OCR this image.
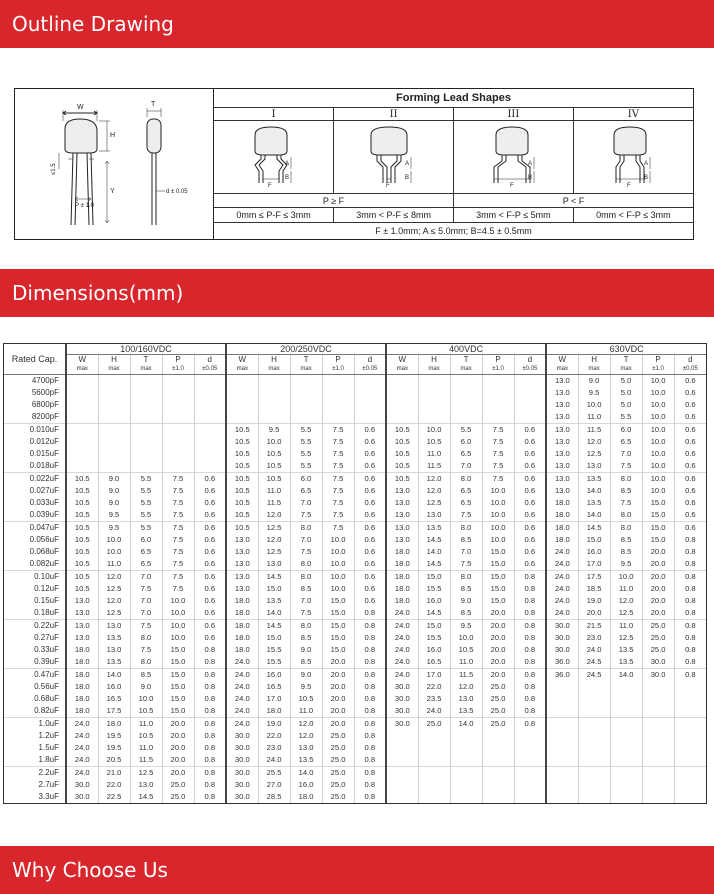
Outline Drawing
Dimensions(mm)
Why Choose Us
W
H
Y
T
≤1.5
P ± 1.0
d ± 0.05
Forming Lead Shapes			
I	II	III	IV

A
B
F	A
B
F	A
B
F	A
B
F

P ≥ F		P < F	
0mm ≤ P-F ≤ 3mm	3mm < P-F ≤ 8mm	3mm < F-P ≤ 5mm	0mm < F-P ≤ 3mm
F ± 1.0mm; A ≤ 5.0mm; B=4.5 ± 0.5mm			
Rated Cap.	100/160VDC					200/250VDC					400VDC					630VDC				
	W	H	T	P	d	W	H	T	P	d	W	H	T	P	d	W	H	T	P	d
	max	max	max	±1.0	±0.05	max	max	max	±1.0	±0.05	max	max	max	±1.0	±0.05	max	max	max	±1.0	±0.05
4700pF																13.0	9.0	5.0	10.0	0.6
5600pF																13.0	9.5	5.0	10.0	0.6
6800pF																13.0	10.0	5.0	10.0	0.6
8200pF																13.0	11.0	5.5	10.0	0.6
0.010uF						10.5	9.5	5.5	7.5	0.6	10.5	10.0	5.5	7.5	0.6	13.0	11.5	6.0	10.0	0.6
0.012uF						10.5	10.0	5.5	7.5	0.6	10.5	10.5	6.0	7.5	0.6	13.0	12.0	6.5	10.0	0.6
0.015uF						10.5	10.5	5.5	7.5	0.6	10.5	11.0	6.5	7.5	0.6	13.0	12.5	7.0	10.0	0.6
0.018uF						10.5	10.5	5.5	7.5	0.6	10.5	11.5	7.0	7.5	0.6	13.0	13.0	7.5	10.0	0.6
0.022uF	10.5	9.0	5.5	7.5	0.6	10.5	10.5	6.0	7.5	0.6	10.5	12.0	8.0	7.5	0.6	13.0	13.5	8.0	10.0	0.6
0.027uF	10.5	9.0	5.5	7.5	0.6	10.5	11.0	6.5	7.5	0.6	13.0	12.0	6.5	10.0	0.6	13.0	14.0	8.5	10.0	0.6
0.033uF	10.5	9.0	5.5	7.5	0.6	10.5	11.5	7.0	7.5	0.6	13.0	12.5	6.5	10.0	0.6	18.0	13.5	7.5	15.0	0.6
0.039uF	10.5	9.5	5.5	7.5	0.6	10.5	12.0	7.5	7.5	0.6	13.0	13.0	7.5	10.0	0.6	18.0	14.0	8.0	15.0	0.6
0.047uF	10.5	9.5	5.5	7.5	0.6	10.5	12.5	8.0	7.5	0.6	13.0	13.5	8.0	10.0	0.6	18.0	14.5	8.0	15.0	0.6
0.056uF	10.5	10.0	6.0	7.5	0.6	13.0	12.0	7.0	10.0	0.6	13.0	14.5	8.5	10.0	0.6	18.0	15.0	8.5	15.0	0.8
0.068uF	10.5	10.0	6.5	7.5	0.6	13.0	12.5	7.5	10.0	0.6	18.0	14.0	7.0	15.0	0.6	24.0	16.0	8.5	20.0	0.8
0.082uF	10.5	11.0	6.5	7.5	0.6	13.0	13.0	8.0	10.0	0.6	18.0	14.5	7.5	15.0	0.6	24.0	17.0	9.5	20.0	0.8
0.10uF	10.5	12.0	7.0	7.5	0.6	13.0	14.5	8.0	10.0	0.6	18.0	15.0	8.0	15.0	0.8	24.0	17.5	10.0	20.0	0.8
0.12uF	10.5	12.5	7.5	7.5	0.6	13.0	15.0	8.5	10.0	0.6	18.0	15.5	8.5	15.0	0.8	24.0	18.5	11.0	20.0	0.8
0.15uF	13.0	12.0	7.0	10.0	0.6	18.0	13.5	7.0	15.0	0.6	18.0	16.0	9.0	15.0	0.8	24.0	19.0	12.0	20.0	0.8
0.18uF	13.0	12.5	7.0	10.0	0.6	18.0	14.0	7.5	15.0	0.8	24.0	14.5	8.5	20.0	0.8	24.0	20.0	12.5	20.0	0.8
0.22uF	13.0	13.0	7.5	10.0	0.6	18.0	14.5	8.0	15.0	0.8	24.0	15.0	9.5	20.0	0.8	30.0	21.5	11.0	25.0	0.8
0.27uF	13.0	13.5	8.0	10.0	0.6	18.0	15.0	8.5	15.0	0.8	24.0	15.5	10.0	20.0	0.8	30.0	23.0	12.5	25.0	0.8
0.33uF	18.0	13.0	7.5	15.0	0.8	18.0	15.5	9.0	15.0	0.8	24.0	16.0	10.5	20.0	0.8	30.0	24.0	13.5	25.0	0.8
0.39uF	18.0	13.5	8.0	15.0	0.8	24.0	15.5	8.5	20.0	0.8	24.0	16.5	11.0	20.0	0.8	36.0	24.5	13.5	30.0	0.8
0.47uF	18.0	14.0	8.5	15.0	0.8	24.0	16.0	9.0	20.0	0.8	24.0	17.0	11.5	20.0	0.8	36.0	24.5	14.0	30.0	0.8
0.56uF	18.0	16.0	9.0	15.0	0.8	24.0	16.5	9.5	20.0	0.8	30.0	22.0	12.0	25.0	0.8					
0.68uF	18.0	16.5	10.0	15.0	0.8	24.0	17.0	10.5	20.0	0.8	30.0	23.5	13.0	25.0	0.8					
0.82uF	18.0	17.5	10.5	15.0	0.8	24.0	18.0	11.0	20.0	0.8	30.0	24.0	13.5	25.0	0.8					
1.0uF	24.0	18.0	11.0	20.0	0.8	24.0	19.0	12.0	20.0	0.8	30.0	25.0	14.0	25.0	0.8					
1.2uF	24.0	19.5	10.5	20.0	0.8	30.0	22.0	12.0	25.0	0.8										
1.5uF	24.0	19.5	11.0	20.0	0.8	30.0	23.0	13.0	25.0	0.8										
1.8uF	24.0	20.5	11.5	20.0	0.8	30.0	24.0	13.5	25.0	0.8										
2.2uF	24.0	21.0	12.5	20.0	0.8	30.0	25.5	14.0	25.0	0.8										
2.7uF	30.0	22.0	13.0	25.0	0.8	30.0	27.0	16.0	25.0	0.8										
3.3uF	30.0	22.5	14.5	25.0	0.8	30.0	28.5	18.0	25.0	0.8										
